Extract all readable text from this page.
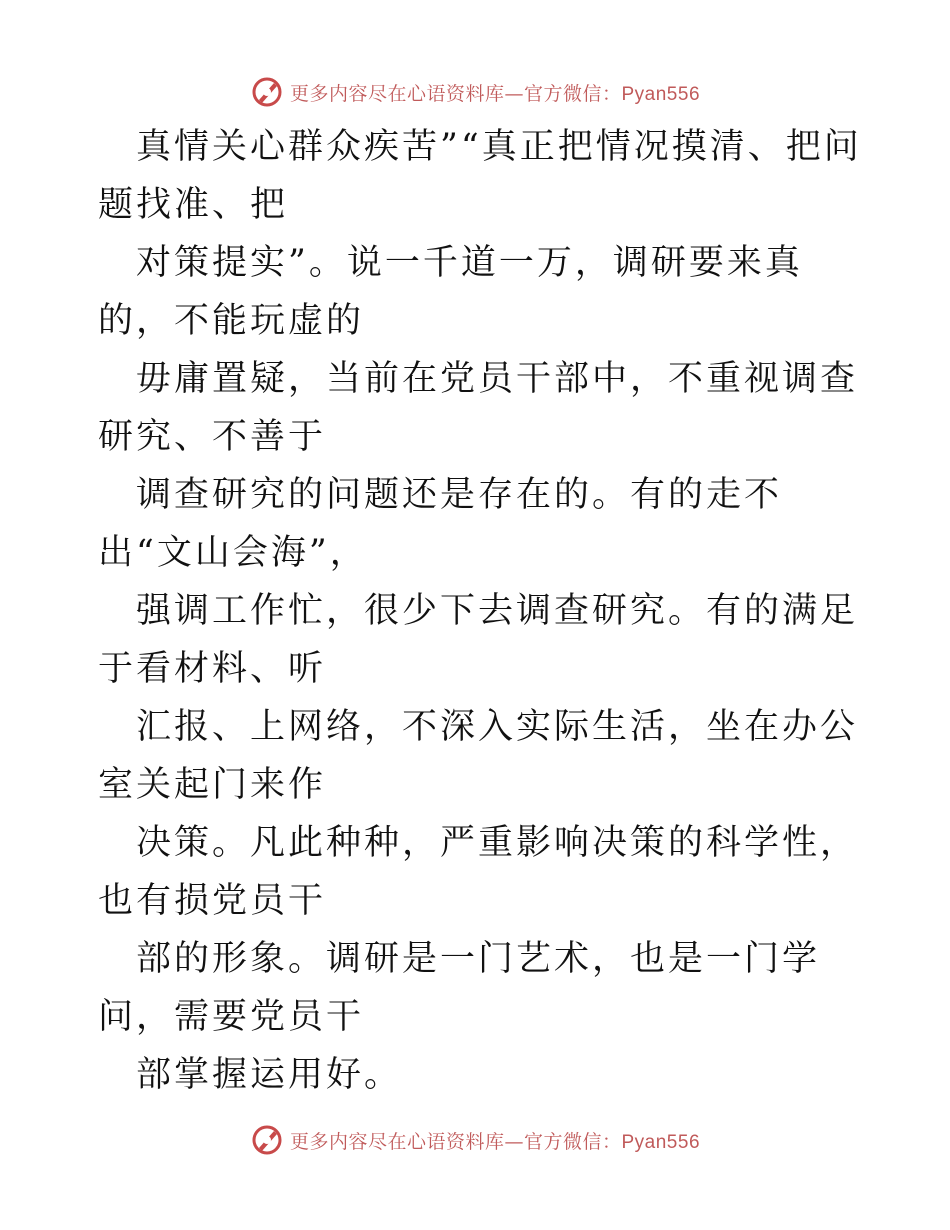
更多内容尽在心语资料库—官方微信：Pyan556

真情关心群众疾苦”“真正把情况摸清、把问题找准、把

对策提实”。说一千道一万，调研要来真的，不能玩虚的

毋庸置疑，当前在党员干部中，不重视调查研究、不善于

调查研究的问题还是存在的。有的走不出“文山会海”，

强调工作忙，很少下去调查研究。有的满足于看材料、听

汇报、上网络，不深入实际生活，坐在办公室关起门来作

决策。凡此种种，严重影响决策的科学性，也有损党员干

部的形象。调研是一门艺术，也是一门学问，需要党员干

部掌握运用好。

更多内容尽在心语资料库—官方微信：Pyan556
